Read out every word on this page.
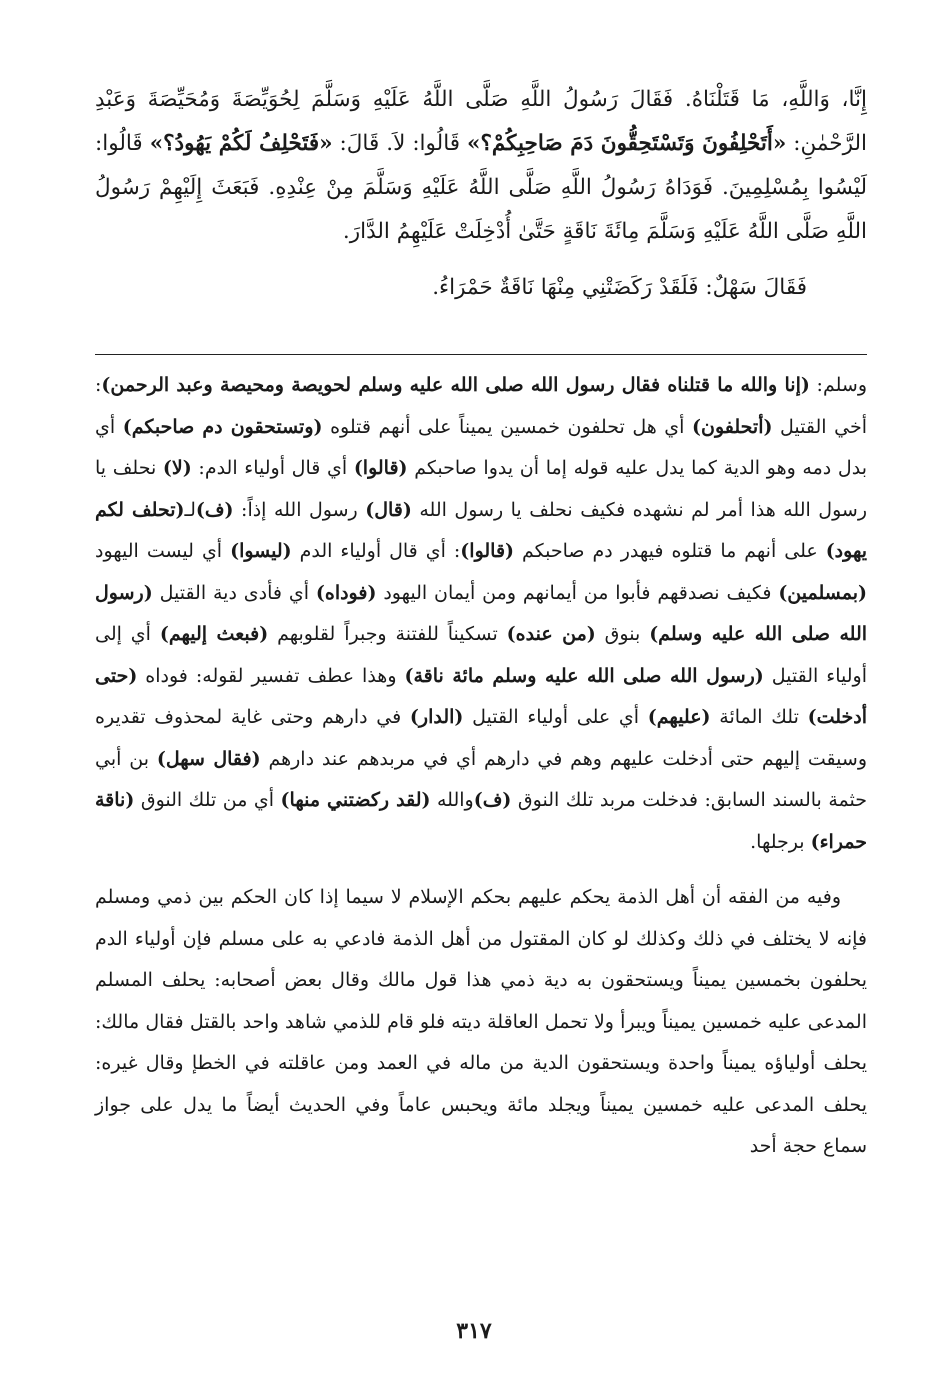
إِنَّا، وَاللَّهِ، مَا قَتَلْنَاهُ. فَقَالَ رَسُولُ اللَّهِ صَلَّى اللَّهُ عَلَيْهِ وَسَلَّمَ لِحُوَيِّصَةَ وَمُحَيِّصَةَ وَعَبْدِ الرَّحْمٰنِ: «أَتَحْلِفُونَ وَتَسْتَحِقُّونَ دَمَ صَاحِبِكُمْ؟» قَالُوا: لاَ. قَالَ: «فَتَحْلِفُ لَكُمْ يَهُودُ؟» قَالُوا: لَيْسُوا بِمُسْلِمِينَ. فَوَدَاهُ رَسُولُ اللَّهِ صَلَّى اللَّهُ عَلَيْهِ وَسَلَّمَ مِنْ عِنْدِهِ. فَبَعَثَ إِلَيْهِمْ رَسُولُ اللَّهِ صَلَّى اللَّهُ عَلَيْهِ وَسَلَّمَ مِائَةَ نَاقَةٍ حَتَّىٰ أُدْخِلَتْ عَلَيْهِمُ الدَّارَ.

فَقَالَ سَهْلٌ: فَلَقَدْ رَكَضَتْنِي مِنْهَا نَاقَةٌ حَمْرَاءُ.

وسلم: (إنا والله ما قتلناه فقال رسول الله صلى الله عليه وسلم لحويصة ومحيصة وعبد الرحمن): أخي القتيل (أتحلفون) أي هل تحلفون خمسين يميناً على أنهم قتلوه (وتستحقون دم صاحبكم) أي بدل دمه وهو الدية كما يدل عليه قوله إما أن يدوا صاحبكم (قالوا) أي قال أولياء الدم: (لا) نحلف يا رسول الله هذا أمر لم نشهده فكيف نحلف يا رسول الله (قال) رسول الله إذاً: (ف)لـ(تحلف لكم يهود) على أنهم ما قتلوه فيهدر دم صاحبكم (قالوا): أي قال أولياء الدم (ليسوا) أي ليست اليهود (بمسلمين) فكيف نصدقهم فأبوا من أيمانهم ومن أيمان اليهود (فوداه) أي فأدى دية القتيل (رسول الله صلى الله عليه وسلم) بنوق (من عنده) تسكيناً للفتنة وجبراً لقلوبهم (فبعث إليهم) أي إلى أولياء القتيل (رسول الله صلى الله عليه وسلم مائة ناقة) وهذا عطف تفسير لقوله: فوداه (حتى أدخلت) تلك المائة (عليهم) أي على أولياء القتيل (الدار) في دارهم وحتى غاية لمحذوف تقديره وسيقت إليهم حتى أدخلت عليهم وهم في دارهم أي في مربدهم عند دارهم (فقال سهل) بن أبي حثمة بالسند السابق: فدخلت مربد تلك النوق (ف)والله (لقد ركضتني منها) أي من تلك النوق (ناقة حمراء) برجلها.

وفيه من الفقه أن أهل الذمة يحكم عليهم بحكم الإسلام لا سيما إذا كان الحكم بين ذمي ومسلم فإنه لا يختلف في ذلك وكذلك لو كان المقتول من أهل الذمة فادعي به على مسلم فإن أولياء الدم يحلفون بخمسين يميناً ويستحقون به دية ذمي هذا قول مالك وقال بعض أصحابه: يحلف المسلم المدعى عليه خمسين يميناً ويبرأ ولا تحمل العاقلة ديته فلو قام للذمي شاهد واحد بالقتل فقال مالك: يحلف أولياؤه يميناً واحدة ويستحقون الدية من ماله في العمد ومن عاقلته في الخطإ وقال غيره: يحلف المدعى عليه خمسين يميناً ويجلد مائة ويحبس عاماً وفي الحديث أيضاً ما يدل على جواز سماع حجة أحد

٣١٧
